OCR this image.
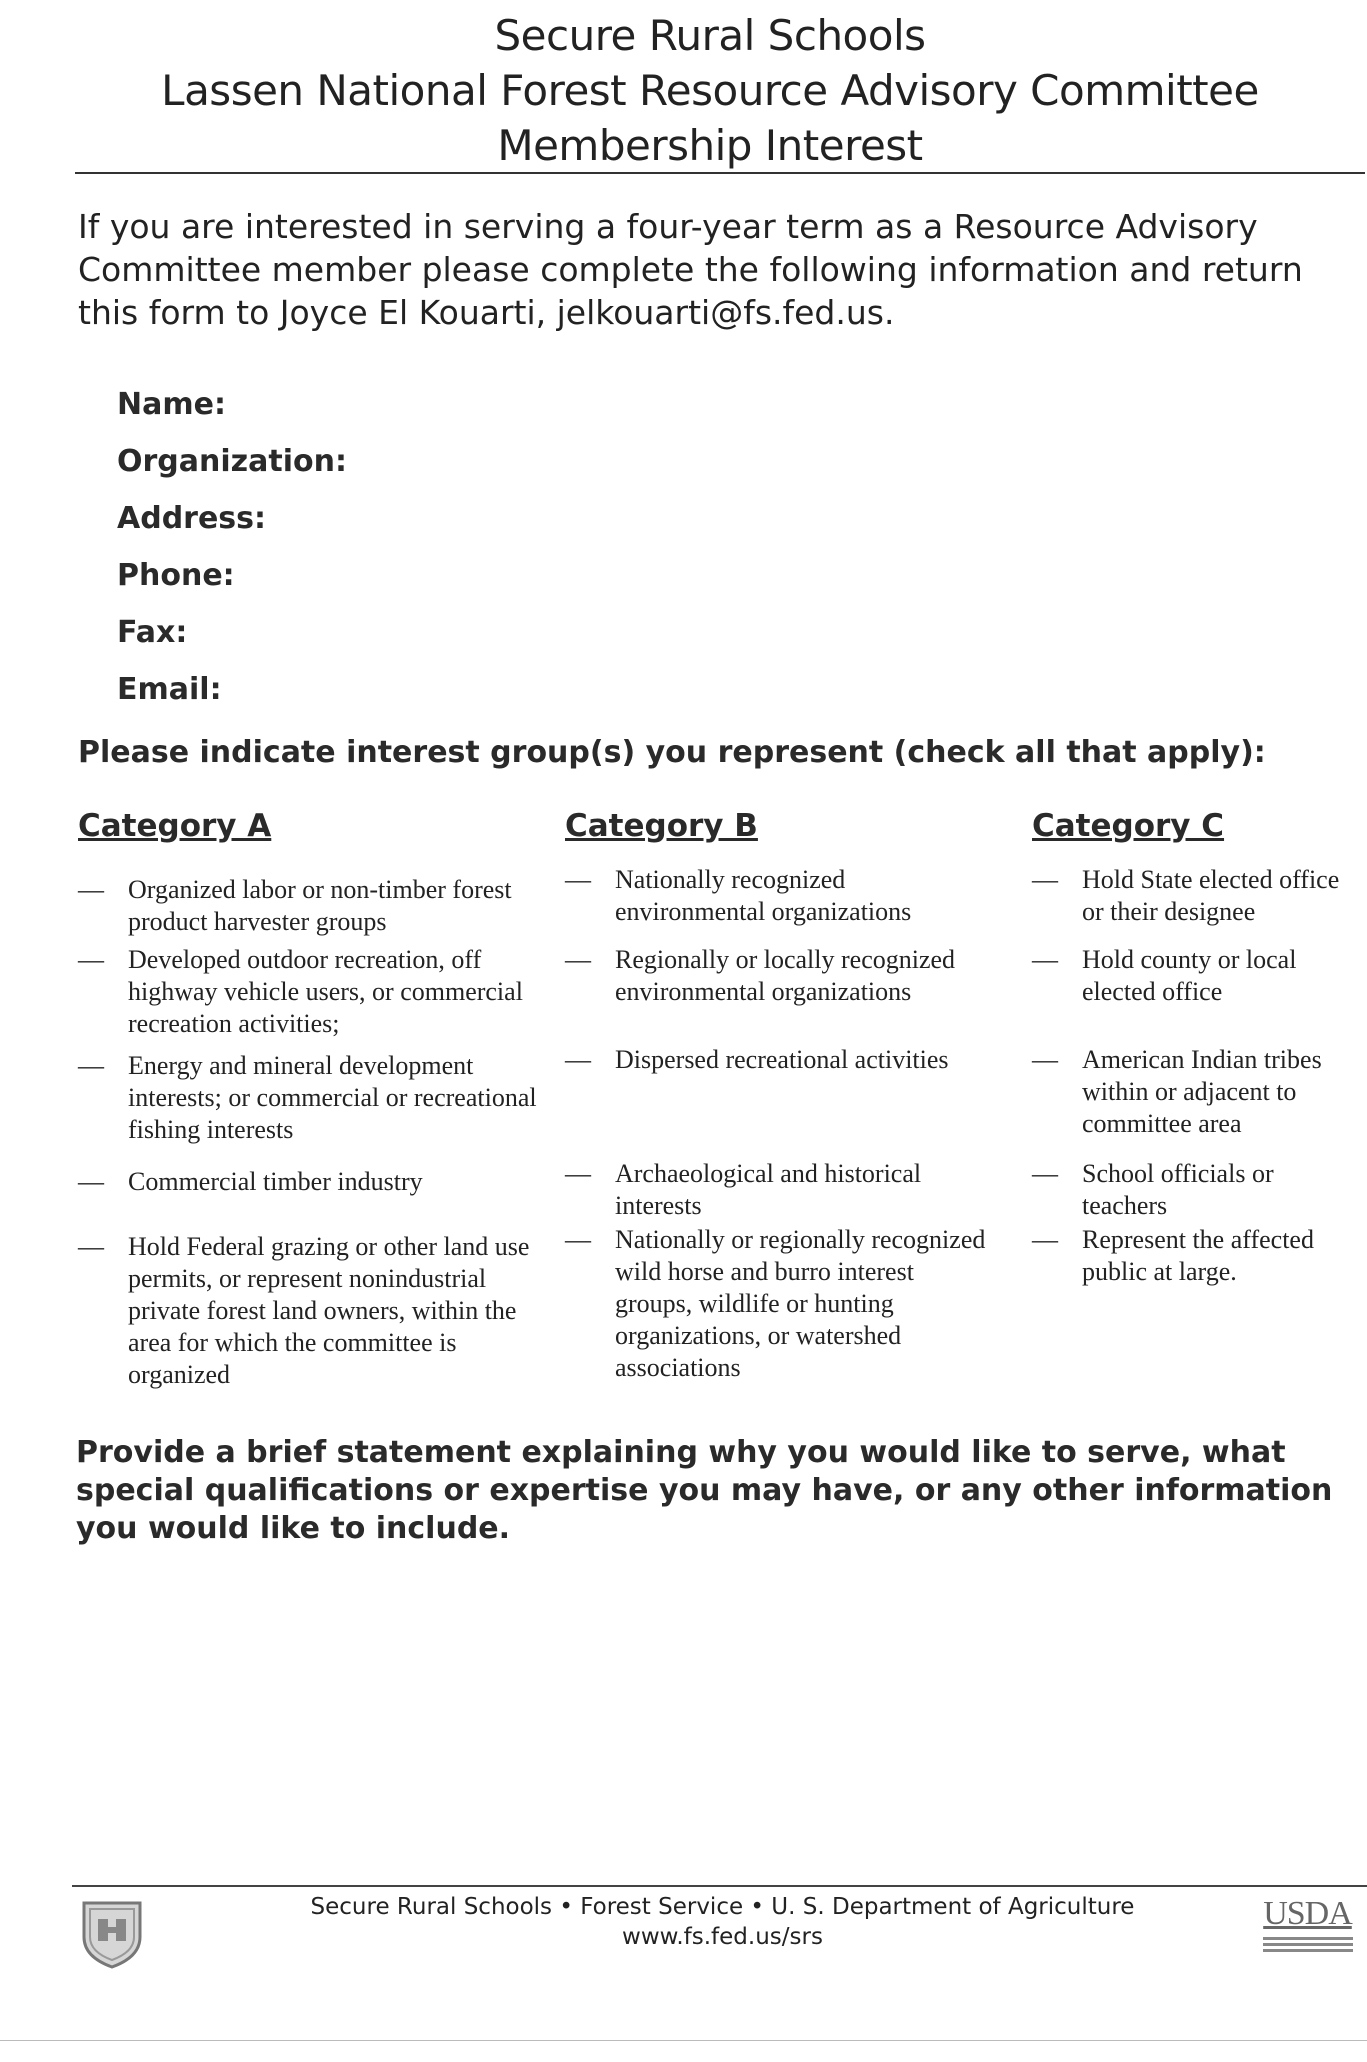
Secure Rural Schools
Lassen National Forest Resource Advisory Committee
Membership Interest
If you are interested in serving a four-year term as a Resource Advisory Committee member please complete the following information and return this form to Joyce El Kouarti, jelkouarti@fs.fed.us.
Name:
Organization:
Address:
Phone:
Fax:
Email:
Please indicate interest group(s) you represent (check all that apply):
Category A
— Organized labor or non-timber forest product harvester groups
— Developed outdoor recreation, off highway vehicle users, or commercial recreation activities;
— Energy and mineral development interests; or commercial or recreational fishing interests
— Commercial timber industry
— Hold Federal grazing or other land use permits, or represent nonindustrial private forest land owners, within the area for which the committee is organized
Category B
— Nationally recognized environmental organizations
— Regionally or locally recognized environmental organizations
— Dispersed recreational activities
— Archaeological and historical interests
— Nationally or regionally recognized wild horse and burro interest groups, wildlife or hunting organizations, or watershed associations
Category C
— Hold State elected office or their designee
— Hold county or local elected office
— American Indian tribes within or adjacent to committee area
— School officials or teachers
— Represent the affected public at large.
Provide a brief statement explaining why you would like to serve, what special qualifications or expertise you may have, or any other information you would like to include.
Secure Rural Schools • Forest Service • U. S. Department of Agriculture
www.fs.fed.us/srs
USDA
